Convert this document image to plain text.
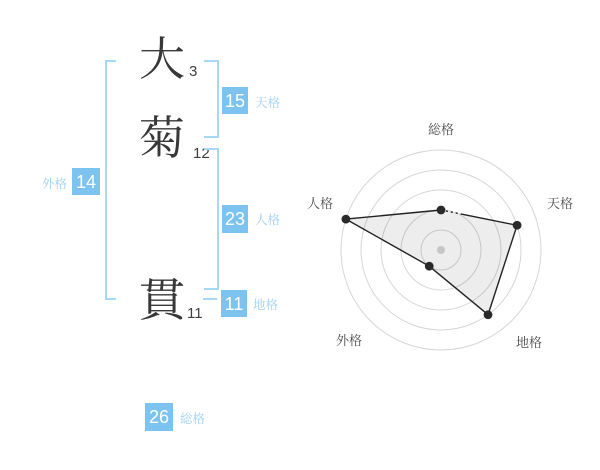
大
菊
貫
3
12
11
15
23
11
14
26
天格
人格
地格
外格
総格
総格
天格
地格
外格
人格
